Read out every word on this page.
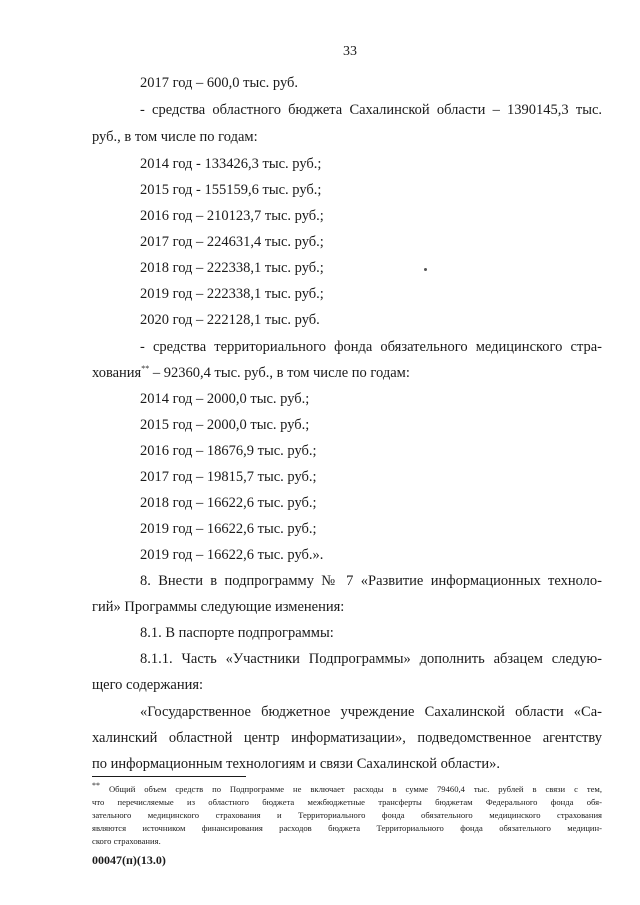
33
2017 год – 600,0 тыс. руб.
- средства областного бюджета Сахалинской области – 1390145,3 тыс.
руб., в том числе по годам:
2014 год - 133426,3 тыс. руб.;
2015 год - 155159,6 тыс. руб.;
2016 год – 210123,7 тыс. руб.;
2017 год – 224631,4 тыс. руб.;
2018 год – 222338,1 тыс. руб.;
2019 год – 222338,1 тыс. руб.;
2020 год – 222128,1 тыс. руб.
- средства территориального фонда обязательного медицинского стра-
хования** – 92360,4 тыс. руб., в том числе по годам:
2014 год – 2000,0 тыс. руб.;
2015 год – 2000,0 тыс. руб.;
2016 год – 18676,9 тыс. руб.;
2017 год – 19815,7 тыс. руб.;
2018 год – 16622,6 тыс. руб.;
2019 год – 16622,6 тыс. руб.;
2019 год – 16622,6 тыс. руб.».
8. Внести в подпрограмму № 7 «Развитие информационных техноло-
гий» Программы следующие изменения:
8.1. В паспорте подпрограммы:
8.1.1. Часть «Участники Подпрограммы» дополнить абзацем следую-
щего содержания:
«Государственное бюджетное учреждение Сахалинской области «Са-
халинский областной центр информатизации», подведомственное агентству
по информационным технологиям и связи Сахалинской области».
** Общий объем средств по Подпрограмме не включает расходы в сумме 79460,4 тыс. рублей в связи с тем,
что перечисляемые из областного бюджета межбюджетные трансферты бюджетам Федерального фонда обя-
зательного медицинского страхования и Территориального фонда обязательного медицинского страхования
являются источником финансирования расходов бюджета Территориального фонда обязательного медицин-
ского страхования.
00047(п)(13.0)
